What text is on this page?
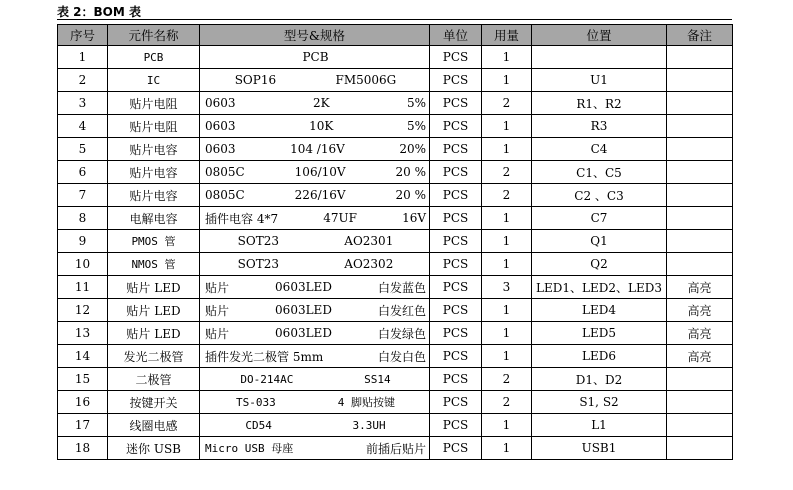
表 2：BOM 表
序号	元件名称	型号&规格	单位	用量	位置	备注
1	PCB	PCB	PCS	1		
2	IC	SOP16 FM5006G	PCS	1	U1	
3	贴片电阻	0603 2K 5%	PCS	2	R1、R2	
4	贴片电阻	0603 10K 5%	PCS	1	R3	
5	贴片电容	0603 104 /16V 20%	PCS	1	C4	
6	贴片电容	0805C 106/10V 20 %	PCS	2	C1、C5	
7	贴片电容	0805C 226/16V 20 %	PCS	2	C2 、C3	
8	电解电容	插件电容 4*7 47UF 16V	PCS	1	C7	
9	PMOS 管	SOT23 AO2301	PCS	1	Q1	
10	NMOS 管	SOT23 AO2302	PCS	1	Q2	
11	贴片 LED	贴片 0603LED 白发蓝色	PCS	3	LED1、LED2、LED3	高亮
12	贴片 LED	贴片 0603LED 白发红色	PCS	1	LED4	高亮
13	贴片 LED	贴片 0603LED 白发绿色	PCS	1	LED5	高亮
14	发光二极管	插件发光二极管 5mm 白发白色	PCS	1	LED6	高亮
15	二极管	DO-214AC SS14	PCS	2	D1、D2	
16	按键开关	TS-033 4 脚贴按键	PCS	2	S1, S2	
17	线圈电感	CD54 3.3UH	PCS	1	L1	
18	迷你 USB	Micro USB 母座 前插后贴片	PCS	1	USB1	
